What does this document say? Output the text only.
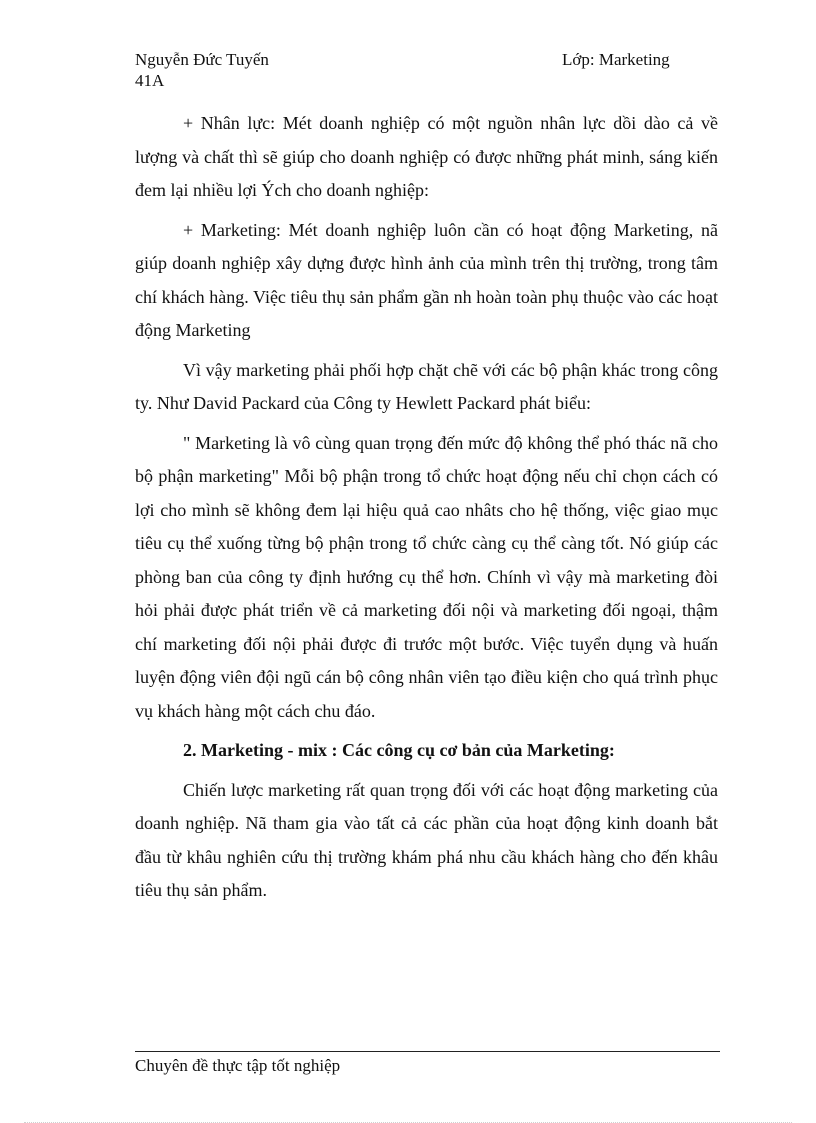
Nguyễn Đức Tuyến
41A
Lớp: Marketing

+ Nhân lực: Mét doanh nghiệp có một nguồn nhân lực dồi dào cả về lượng và chất thì sẽ giúp cho doanh nghiệp có được những phát minh, sáng kiến đem lại nhiều lợi Ých cho doanh nghiệp:

+ Marketing: Mét doanh nghiệp luôn cần có hoạt động Marketing, nã giúp doanh nghiệp xây dựng được hình ảnh của mình trên thị trường, trong tâm chí khách hàng. Việc tiêu thụ sản phẩm gần nh hoàn toàn phụ thuộc vào các hoạt động Marketing

Vì vậy marketing phải phối hợp chặt chẽ với các bộ phận khác trong công ty. Như David Packard của Công ty Hewlett Packard phát biểu:

" Marketing là vô cùng quan trọng đến mức độ không thể phó thác nã cho bộ phận marketing" Mỗi bộ phận trong tổ chức hoạt động nếu chỉ chọn cách có lợi cho mình sẽ không đem lại hiệu quả cao nhâts cho hệ thống, việc giao mục tiêu cụ thể xuống từng bộ phận trong tổ chức càng cụ thể càng tốt. Nó giúp các phòng ban của công ty định hướng cụ thể hơn. Chính vì vậy mà marketing đòi hỏi phải được phát triển về cả marketing đối nội và marketing đối ngoại, thậm chí marketing đối nội phải được đi trước một bước. Việc tuyển dụng và huấn luyện động viên đội ngũ cán bộ công nhân viên tạo điều kiện cho quá trình phục vụ khách hàng một cách chu đáo.

2. Marketing - mix : Các công cụ cơ bản của Marketing:

Chiến lược marketing rất quan trọng đối với các hoạt động marketing của doanh nghiệp. Nã tham gia vào tất cả các phần của hoạt động kinh doanh bắt đầu từ khâu nghiên cứu thị trường khám phá nhu cầu khách hàng cho đến khâu tiêu thụ sản phẩm.

Chuyên đề thực tập tốt nghiệp
